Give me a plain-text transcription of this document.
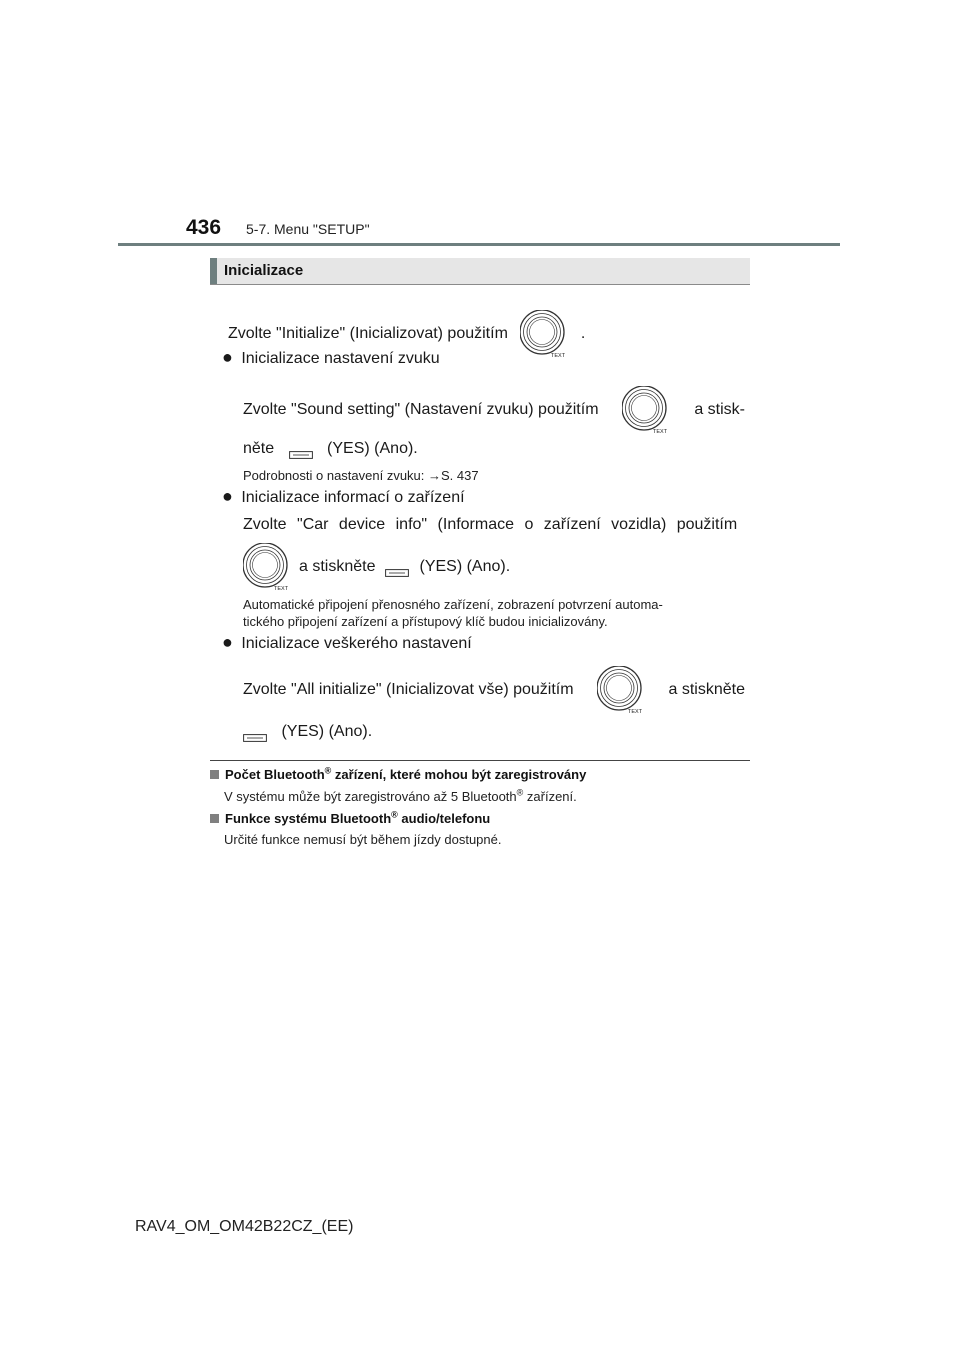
436 5-7. Menu "SETUP"
Inicializace
Zvolte "Initialize" (Inicializovat) použitím
TEXT
.
● Inicializace nastavení zvuku
Zvolte "Sound setting" (Nastavení zvuku) použitím
TEXT
a stisk-
něte	(YES) (Ano).
Podrobnosti o nastavení zvuku: →S. 437
● Inicializace informací o zařízení
Zvolte "Car device info" (Informace o zařízení vozidla) použitím
TEXT
a stiskněte	(YES) (Ano).
Automatické připojení přenosného zařízení, zobrazení potvrzení automa-
tického připojení zařízení a přístupový klíč budou inicializovány.
● Inicializace veškerého nastavení
Zvolte "All initialize" (Inicializovat vše) použitím
TEXT
a stiskněte
(YES) (Ano).
Počet Bluetooth® zařízení, které mohou být zaregistrovány
V systému může být zaregistrováno až 5 Bluetooth® zařízení.
Funkce systému Bluetooth® audio/telefonu
Určité funkce nemusí být během jízdy dostupné.
RAV4_OM_OM42B22CZ_(EE)
